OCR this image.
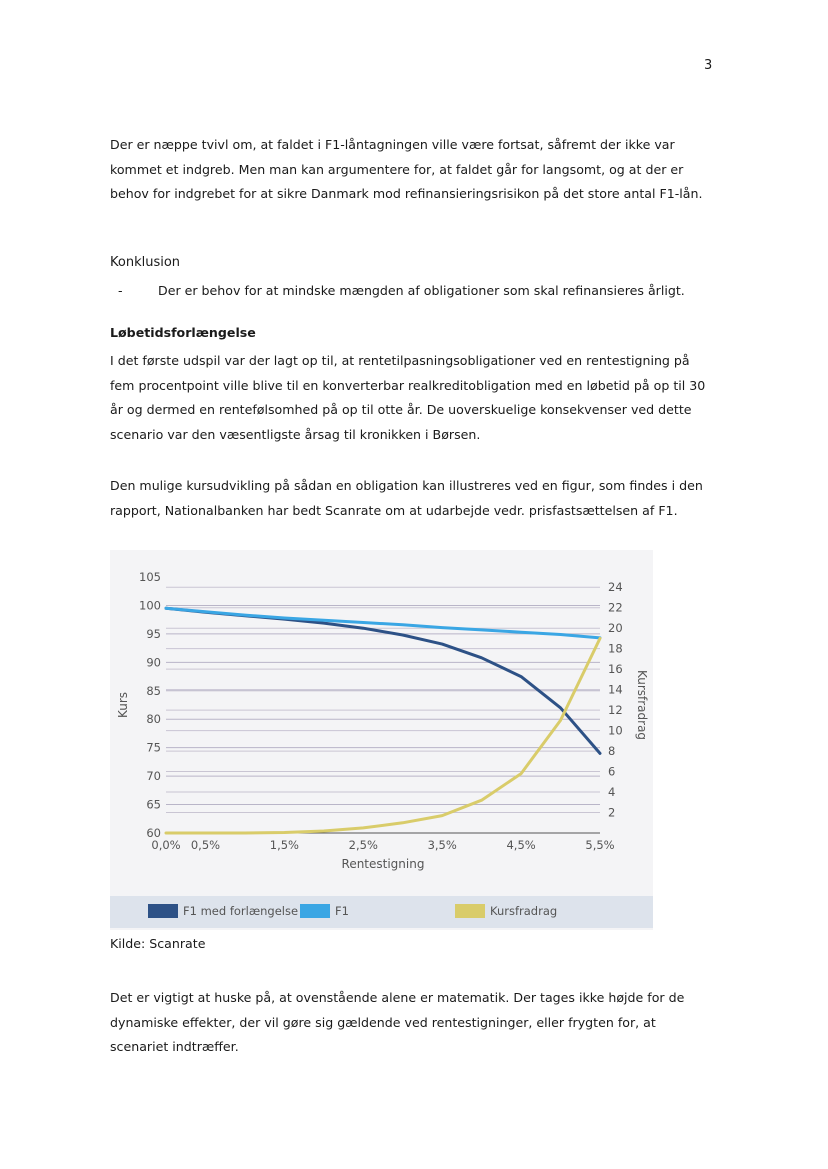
3

Der er næppe tvivl om, at faldet i F1-låntagningen ville være fortsat, såfremt der ikke var kommet et indgreb. Men man kan argumentere for, at faldet går for langsomt, og at der er behov for indgrebet for at sikre Danmark mod refinansieringsrisikon på det store antal F1-lån.

Konklusion
-	Der er behov for at mindske mængden af obligationer som skal refinansieres årligt.
Løbetidsforlængelse

I det første udspil var der lagt op til, at rentetilpasningsobligationer ved en rentestigning på fem procentpoint ville blive til en konverterbar realkreditobligation med en løbetid på op til 30 år og dermed en rentefølsomhed på op til otte år. De uoverskuelige konsekvenser ved dette scenario var den væsentligste årsag til kronikken i Børsen.

Den mulige kursudvikling på sådan en obligation kan illustreres ved en figur, som findes i den rapport, Nationalbanken har bedt Scanrate om at udarbejde vedr. prisfastsættelsen af F1.

60
65
70
75
80
85
90
95
100
105
2
4
6
8
10
12
14
16
18
20
22
24
0,0% 0,5%	1,5%	2,5%	3,5%	4,5%	5,5%
Rentestigning
Kurs	Kursfradrag
F1 med forlængelse	F1	Kursfradrag
Kilde: Scanrate

Det er vigtigt at huske på, at ovenstående alene er matematik. Der tages ikke højde for de dynamiske effekter, der vil gøre sig gældende ved rentestigninger, eller frygten for, at scenariet indtræffer.
